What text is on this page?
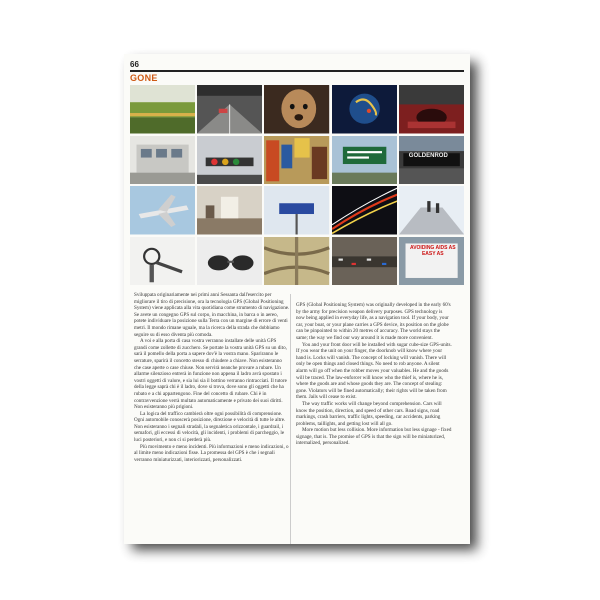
66
GONE
GOLDENROD
AVOIDING AIDS AS EASY AS

Sviluppata originariamente nei primi anni Sessanta dall'esercito per migliorare il tiro di precisione, ora la tecnologia GPS (Global Positioning System) viene applicata alla vita quotidiana come strumento di navigazione. Se avete un congegno GPS sul corpo, in macchina, in barca o in aereo, potete individuare la posizione sulla Terra con un margine di errore di venti metri. Il mondo rimane uguale, ma la ricerca della strada che dobbiamo seguire su di esso diventa più comoda.

A voi e alla porta di casa vostra verranno installate delle unità GPS grandi come zollette di zucchero. Se portate la vostra unità GPS su un dito, sarà il pomello della porta a sapere dov'è la vostra mano. Spariranno le serrature, sparirà il concetto stesso di chiudere a chiave. Non esisteranno che case aperte o case chiuse. Non servirà neanche provare a rubare. Un allarme silenzioso entrerà in funzione non appena il ladro avrà spostato i vostri oggetti di valore, e sia lui sia il bottino verranno rintracciati. Il tutore della legge saprà chi è il ladro, dove si trova, dove sono gli oggetti che ha rubato e a chi appartengono. Fine del concetto di rubare. Chi è in contravvenzione verrà multato automaticamente e privato dei suoi diritti. Non esisteranno più prigioni.

La logica del traffico cambierà oltre ogni possibilità di comprensione. Ogni automobile conoscerà posizione, direzione e velocità di tutte le altre. Non esisteranno i segnali stradali, la segnaletica orizzontale, i guardrail, i semafori, gli eccessi di velocità, gli incidenti, i problemi di parcheggio, le luci posteriori, e non ci si perderà più.

Più movimento e meno incidenti. Più informazioni e meno indicazioni, o al limite meno indicazioni fisse. La promessa del GPS è che i segnali verranno miniaturizzati, interiorizzati, personalizzati.

GPS (Global Positioning System) was originally developed in the early 60's by the army for precision weapon delivery purposes. GPS technology is now being applied in everyday life, as a navigation tool. If your body, your car, your boat, or your plane carries a GPS device, its position on the globe can be pinpointed to within 20 metres of accuracy. The world stays the same; the way we find our way around it is made more convenient.

You and your front door will be installed with sugar cube-size GPS-units. If you wear the unit on your finger, the doorknob will know where your hand is. Locks will vanish. The concept of locking will vanish. There will only be open things and closed things. No need to rob anyone. A silent alarm will go off when the robber moves your valuables. He and the goods will be traced. The law-enforcer will know who the thief is, where he is, where the goods are and whose goods they are. The concept of stealing: gone. Violators will be fined automatically; their rights will be taken from them. Jails will cease to exist.

The way traffic works will change beyond comprehension. Cars will know the position, direction, and speed of other cars. Road signs, road markings, crash barriers, traffic lights, speeding, car accidents, parking problems, taillights, and getting lost will all go.

More motion but less collision. More information but less signage - fixed signage, that is. The promise of GPS is that the sign will be miniaturized, internalized, personalized.
